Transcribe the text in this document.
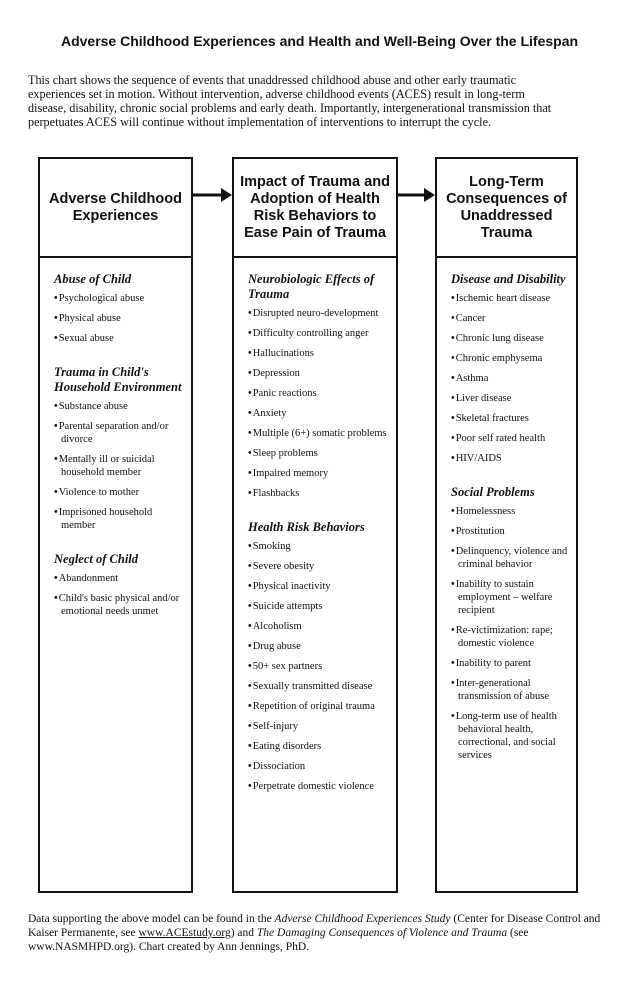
Adverse Childhood Experiences and Health and Well-Being Over the Lifespan
This chart shows the sequence of events that unaddressed childhood abuse and other early traumatic
experiences set in motion. Without intervention, adverse childhood events (ACES) result in long-term
disease, disability, chronic social problems and early death. Importantly, intergenerational transmission that
perpetuates ACES will continue without implementation of interventions to interrupt the cycle.
Adverse Childhood Experiences
Abuse of Child
• Psychological abuse
• Physical abuse
• Sexual abuse
Trauma in Child's Household Environment
• Substance abuse
• Parental separation and/or divorce
• Mentally ill or suicidal household member
• Violence to mother
• Imprisoned household member
Neglect of Child
• Abandonment
• Child's basic physical and/or emotional needs unmet
Impact of Trauma and Adoption of Health Risk Behaviors to Ease Pain of Trauma
Neurobiologic Effects of Trauma
• Disrupted neuro-development
• Difficulty controlling anger
• Hallucinations
• Depression
• Panic reactions
• Anxiety
• Multiple (6+) somatic problems
• Sleep problems
• Impaired memory
• Flashbacks
Health Risk Behaviors
• Smoking
• Severe obesity
• Physical inactivity
• Suicide attempts
• Alcoholism
• Drug abuse
• 50+ sex partners
• Sexually transmitted disease
• Repetition of original trauma
• Self-injury
• Eating disorders
• Dissociation
• Perpetrate domestic violence
Long-Term Consequences of Unaddressed Trauma
Disease and Disability
• Ischemic heart disease
• Cancer
• Chronic lung disease
• Chronic emphysema
• Asthma
• Liver disease
• Skeletal fractures
• Poor self rated health
• HIV/AIDS
Social Problems
• Homelessness
• Prostitution
• Delinquency, violence and criminal behavior
• Inability to sustain employment – welfare recipient
• Re-victimization: rape; domestic violence
• Inability to parent
• Inter-generational transmission of abuse
• Long-term use of health behavioral health, correctional, and social services
Data supporting the above model can be found in the Adverse Childhood Experiences Study (Center for Disease Control and Kaiser Permanente, see www.ACEstudy.org) and The Damaging Consequences of Violence and Trauma (see www.NASMHPD.org). Chart created by Ann Jennings, PhD.
